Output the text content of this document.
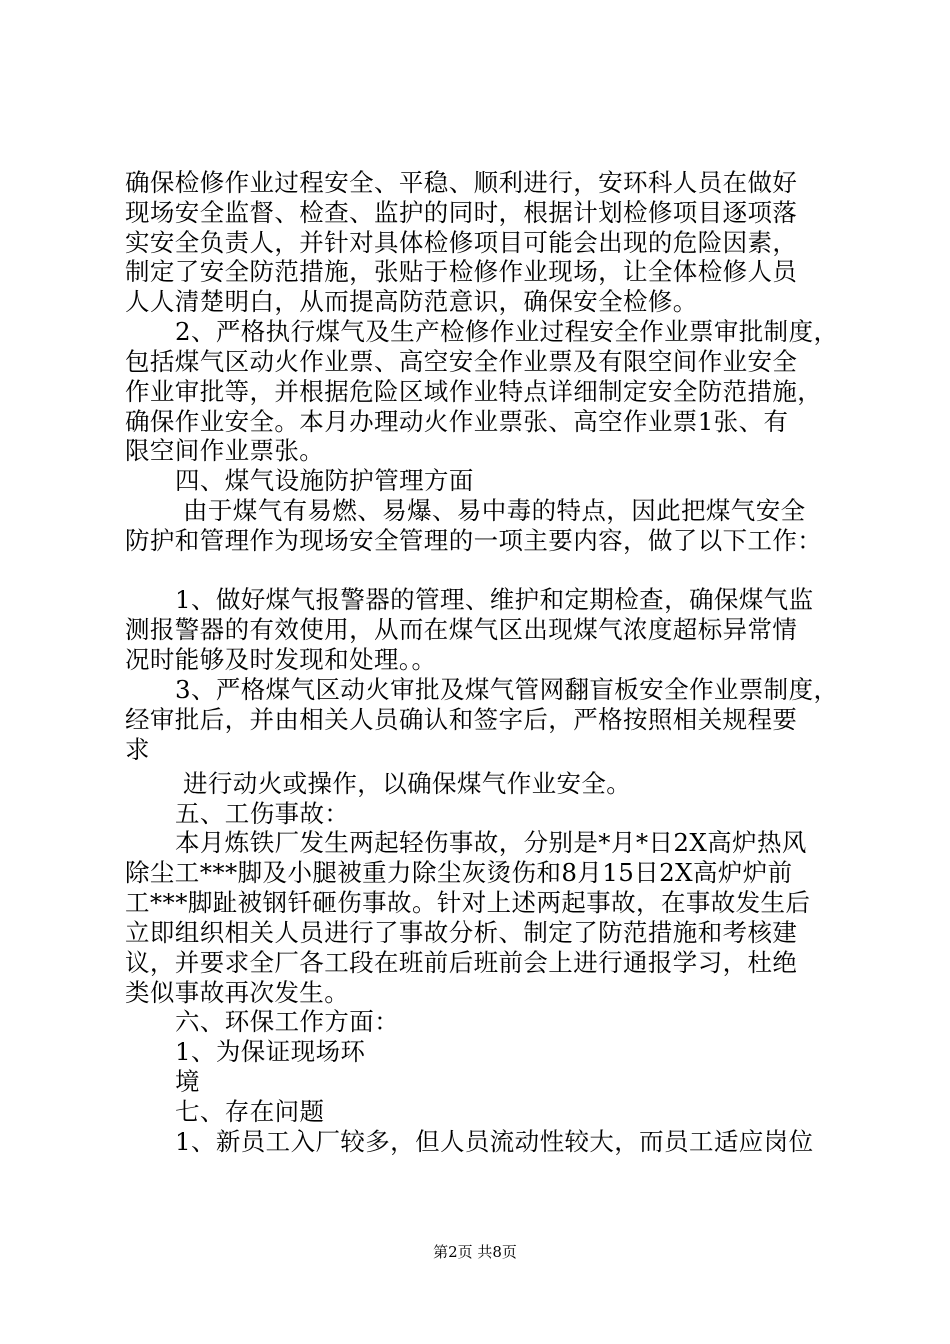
确保检修作业过程安全、平稳、顺利进行，安环科人员在做好
现场安全监督、检查、监护的同时，根据计划检修项目逐项落
实安全负责人，并针对具体检修项目可能会出现的危险因素，
制定了安全防范措施，张贴于检修作业现场，让全体检修人员
人人清楚明白，从而提高防范意识，确保安全检修。
2、严格执行煤气及生产检修作业过程安全作业票审批制度，
包括煤气区动火作业票、高空安全作业票及有限空间作业安全
作业审批等，并根据危险区域作业特点详细制定安全防范措施，
确保作业安全。本月办理动火作业票张、高空作业票1张、有
限空间作业票张。
四、煤气设施防护管理方面
由于煤气有易燃、易爆、易中毒的特点，因此把煤气安全
防护和管理作为现场安全管理的一项主要内容，做了以下工作：
1、做好煤气报警器的管理、维护和定期检查，确保煤气监
测报警器的有效使用，从而在煤气区出现煤气浓度超标异常情
况时能够及时发现和处理。。
3、严格煤气区动火审批及煤气管网翻盲板安全作业票制度，
经审批后，并由相关人员确认和签字后，严格按照相关规程要
求
进行动火或操作，以确保煤气作业安全。
五、工伤事故：
本月炼铁厂发生两起轻伤事故，分别是*月*日2X高炉热风
除尘工***脚及小腿被重力除尘灰烫伤和8月15日2X高炉炉前
工***脚趾被钢钎砸伤事故。针对上述两起事故，在事故发生后
立即组织相关人员进行了事故分析、制定了防范措施和考核建
议，并要求全厂各工段在班前后班前会上进行通报学习，杜绝
类似事故再次发生。
六、环保工作方面：
1、为保证现场环
境
七、存在问题
1、新员工入厂较多，但人员流动性较大，而员工适应岗位
第2页 共8页
